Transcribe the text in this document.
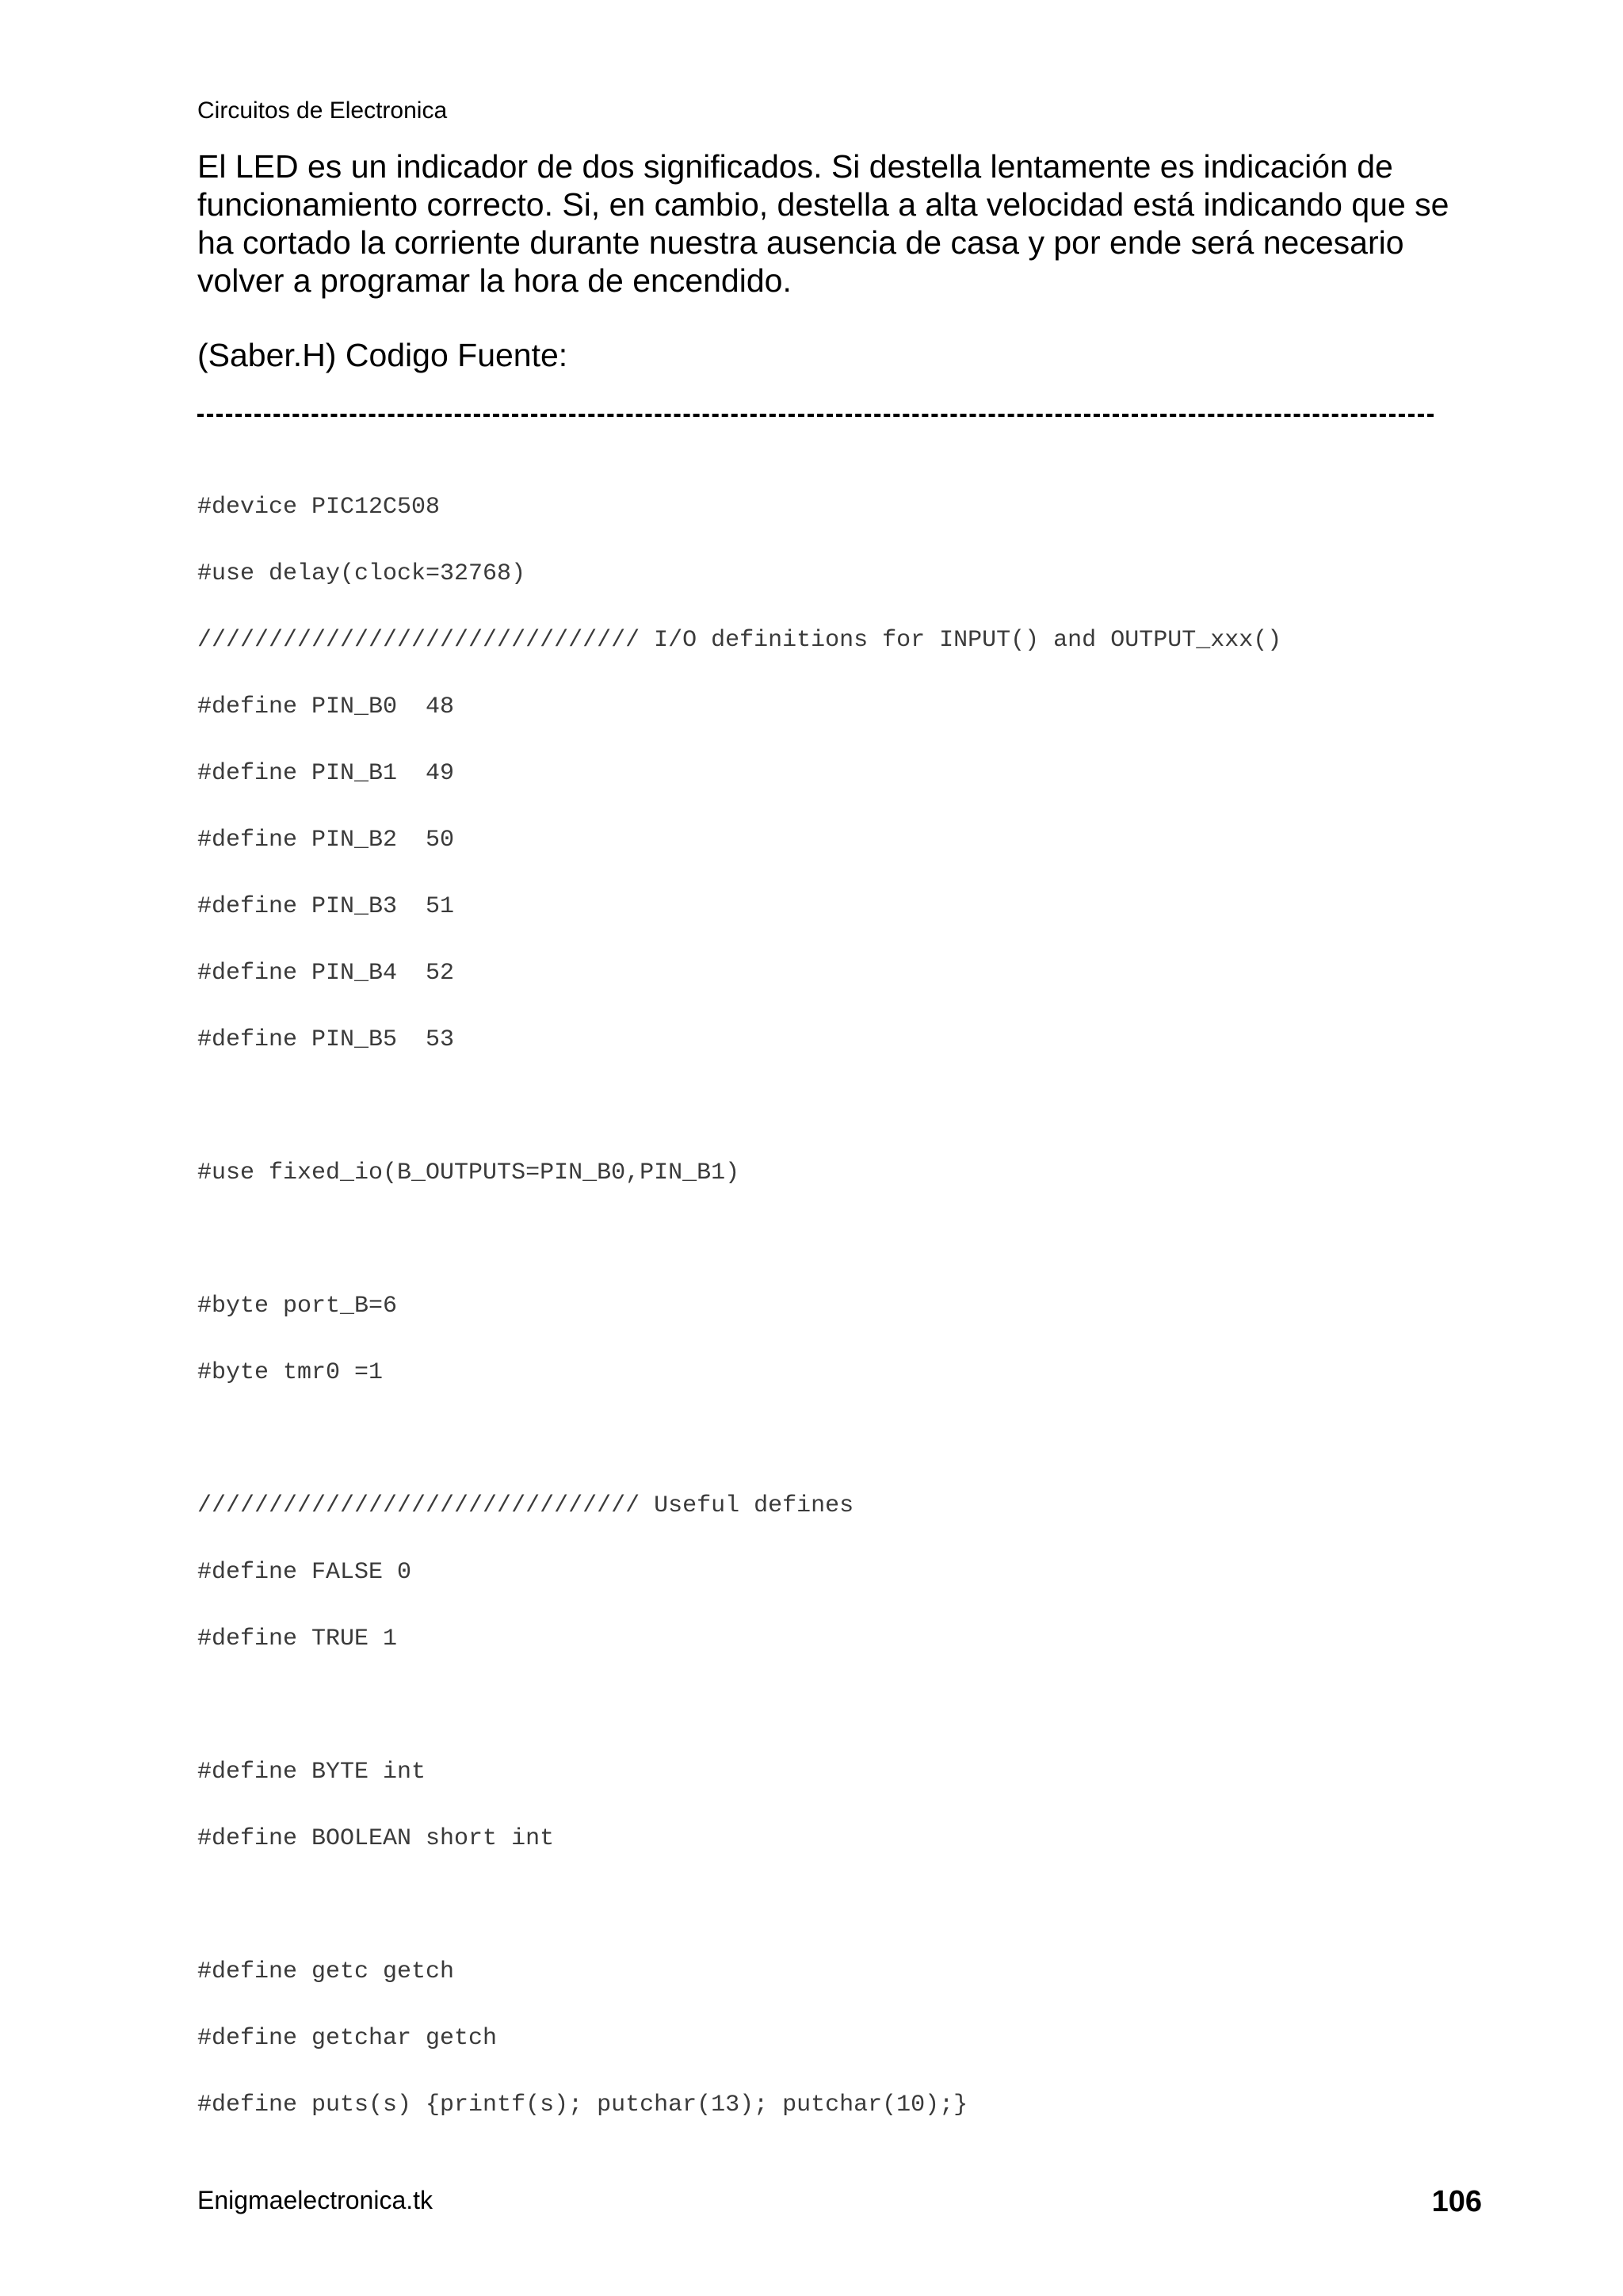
Circuitos de Electronica

El LED es un indicador de dos significados. Si destella lentamente es indicación de funcionamiento correcto. Si, en cambio, destella a alta velocidad está indicando que se ha cortado la corriente durante nuestra ausencia de casa y por ende será necesario volver a programar la hora de encendido.

(Saber.H) Codigo Fuente:

#device PIC12C508
#use delay(clock=32768)
/////////////////////////////// I/O definitions for INPUT() and OUTPUT_xxx()
#define PIN_B0  48
#define PIN_B1  49
#define PIN_B2  50
#define PIN_B3  51
#define PIN_B4  52
#define PIN_B5  53
#use fixed_io(B_OUTPUTS=PIN_B0,PIN_B1)
#byte port_B=6
#byte tmr0 =1
/////////////////////////////// Useful defines
#define FALSE 0
#define TRUE 1
#define BYTE int
#define BOOLEAN short int
#define getc getch
#define getchar getch
#define puts(s) {printf(s); putchar(13); putchar(10);}
Enigmaelectronica.tk	106
